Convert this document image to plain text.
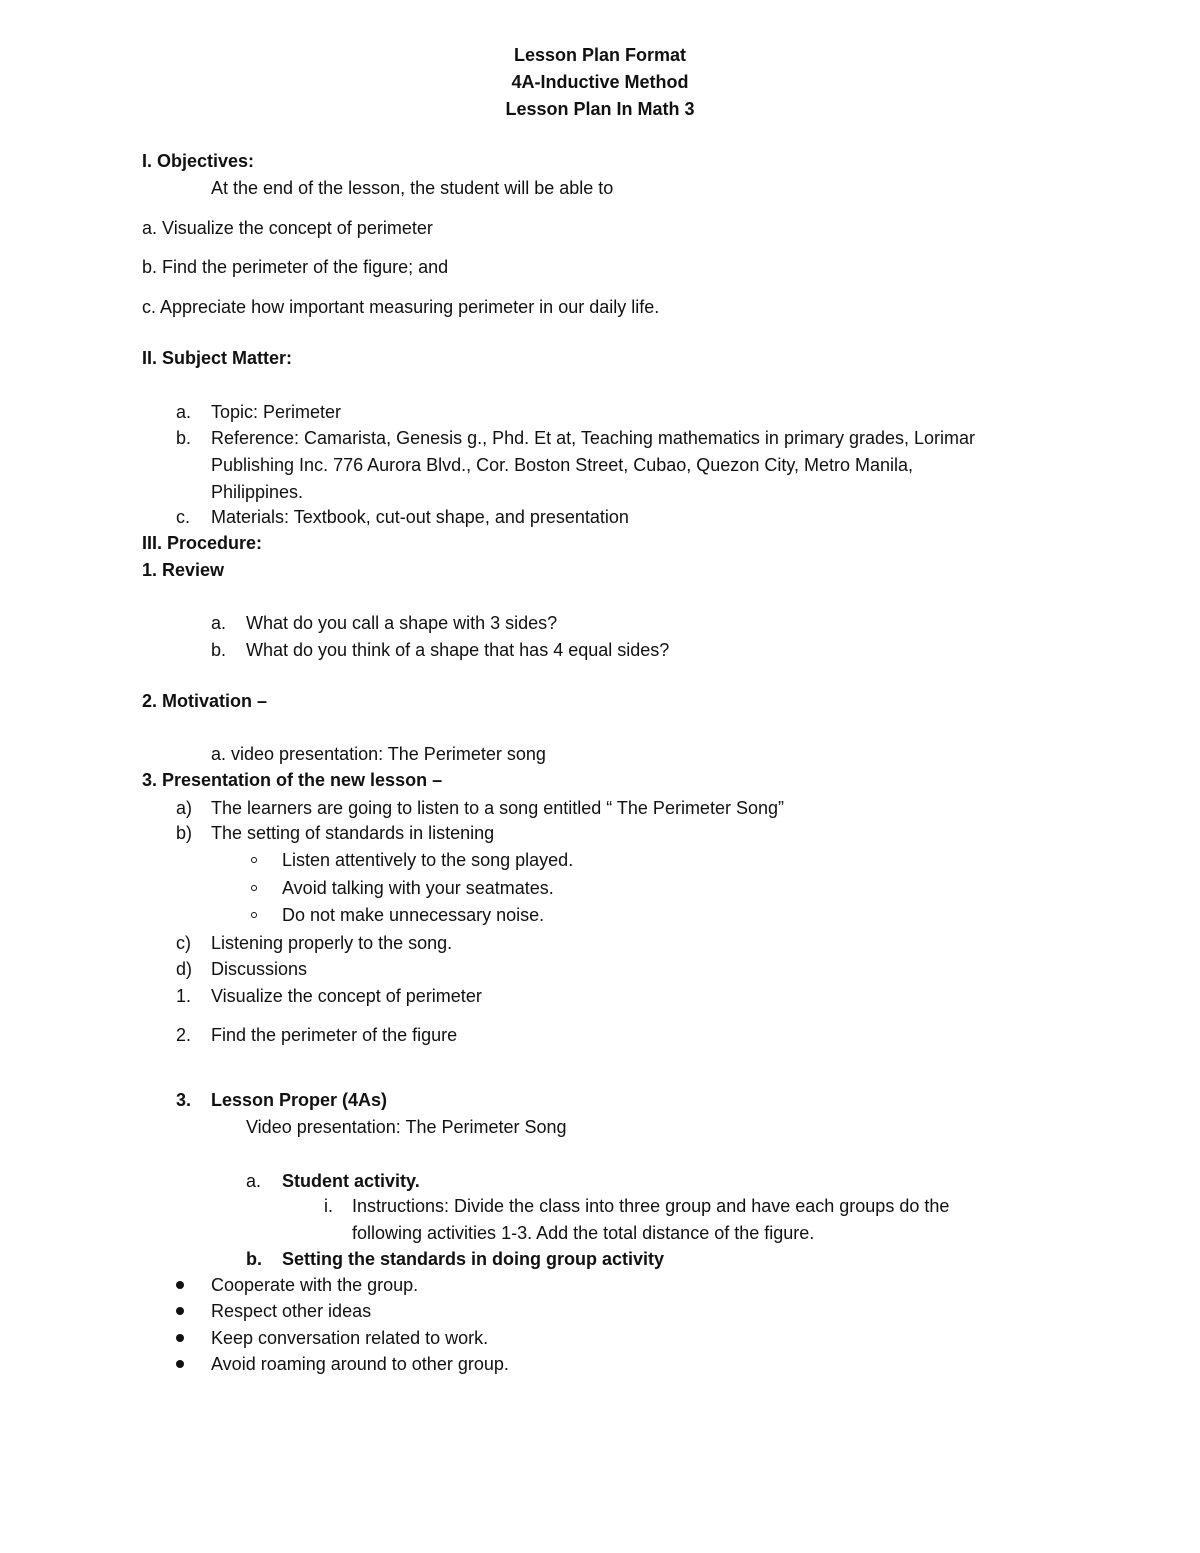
Lesson Plan Format
4A-Inductive Method
Lesson Plan In Math 3
I. Objectives:
At the end of the lesson, the student will be able to
a. Visualize the concept of perimeter
b. Find the perimeter of the figure; and
c. Appreciate how important measuring perimeter in our daily life.
II. Subject Matter:
a. Topic: Perimeter
b. Reference: Camarista, Genesis g., Phd. Et at, Teaching mathematics in primary grades, Lorimar
Publishing Inc. 776 Aurora Blvd., Cor. Boston Street, Cubao, Quezon City, Metro Manila,
Philippines.
c. Materials: Textbook, cut-out shape, and presentation
III. Procedure:
1. Review
a. What do you call a shape with 3 sides?
b. What do you think of a shape that has 4 equal sides?
2. Motivation –
a. video presentation: The Perimeter song
3. Presentation of the new lesson –
a) The learners are going to listen to a song entitled “ The Perimeter Song”
b) The setting of standards in listening
Listen attentively to the song played.
Avoid talking with your seatmates.
Do not make unnecessary noise.
c) Listening properly to the song.
d) Discussions
1. Visualize the concept of perimeter
2. Find the perimeter of the figure
3. Lesson Proper (4As)
Video presentation: The Perimeter Song
a. Student activity.
i. Instructions: Divide the class into three group and have each groups do the
following activities 1-3. Add the total distance of the figure.
b. Setting the standards in doing group activity
Cooperate with the group.
Respect other ideas
Keep conversation related to work.
Avoid roaming around to other group.
